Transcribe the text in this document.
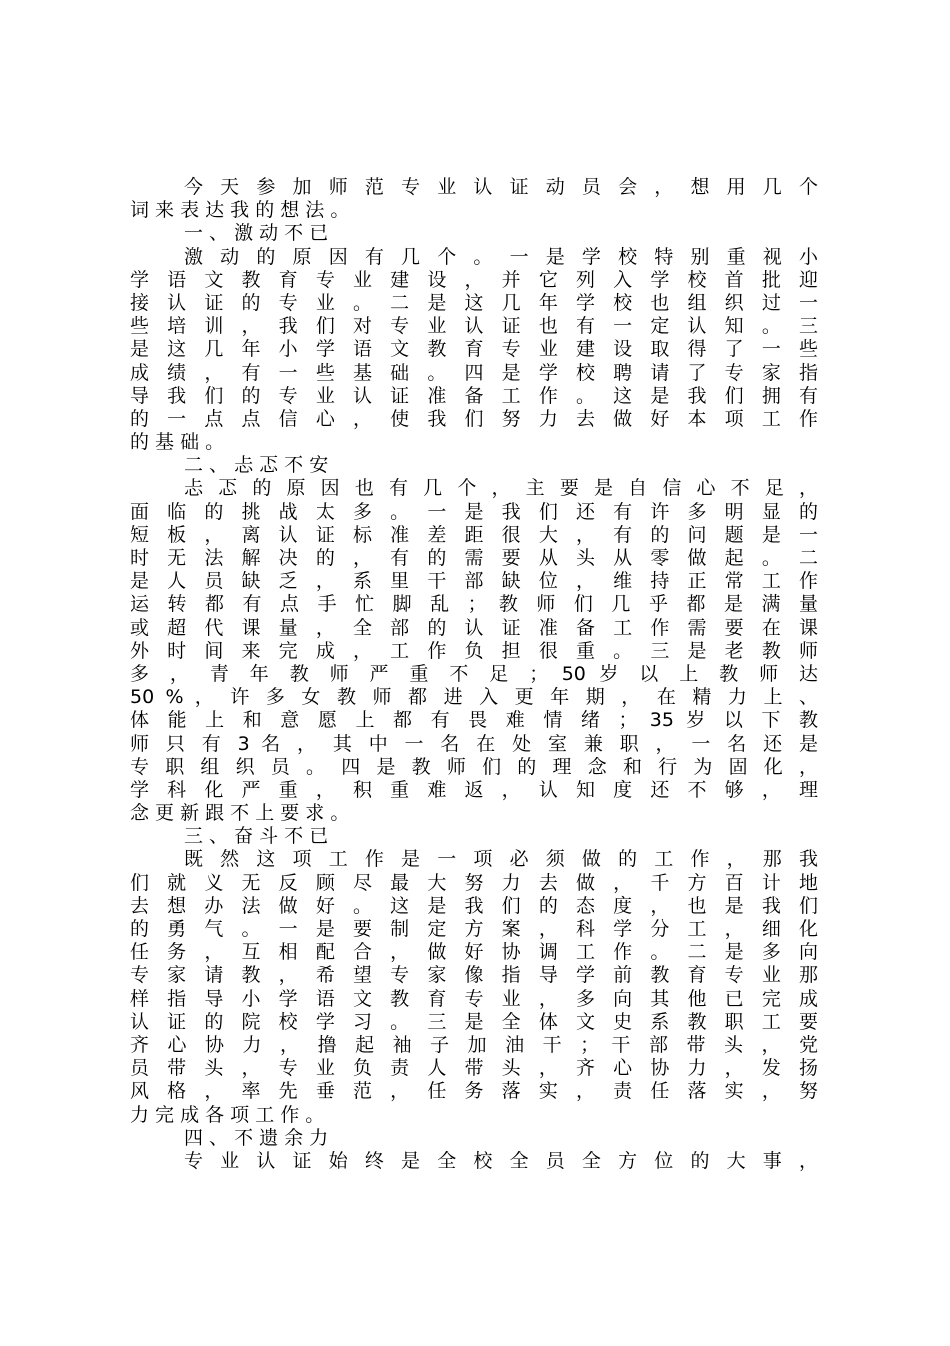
今 天 参 加 师 范 专 业 认 证 动 员 会 ， 想 用 几 个
词 来 表 达 我 的 想 法 。
一 、 激 动 不 已
激 动 的 原 因 有 几 个 。 一 是 学 校 特 别 重 视 小
学 语 文 教 育 专 业 建 设 ， 并 它 列 入 学 校 首 批 迎
接 认 证 的 专 业 。 二 是 这 几 年 学 校 也 组 织 过 一
些 培 训 ， 我 们 对 专 业 认 证 也 有 一 定 认 知 。 三
是 这 几 年 小 学 语 文 教 育 专 业 建 设 取 得 了 一 些
成 绩 ， 有 一 些 基 础 。 四 是 学 校 聘 请 了 专 家 指
导 我 们 的 专 业 认 证 准 备 工 作 。 这 是 我 们 拥 有
的 一 点 点 信 心 ， 使 我 们 努 力 去 做 好 本 项 工 作
的 基 础 。
二 、 忐 忑 不 安
忐 忑 的 原 因 也 有 几 个 ， 主 要 是 自 信 心 不 足 ，
面 临 的 挑 战 太 多 。 一 是 我 们 还 有 许 多 明 显 的
短 板 ， 离 认 证 标 准 差 距 很 大 ， 有 的 问 题 是 一
时 无 法 解 决 的 ， 有 的 需 要 从 头 从 零 做 起 。 二
是 人 员 缺 乏 ， 系 里 干 部 缺 位 ， 维 持 正 常 工 作
运 转 都 有 点 手 忙 脚 乱 ； 教 师 们 几 乎 都 是 满 量
或 超 代 课 量 ， 全 部 的 认 证 准 备 工 作 需 要 在 课
外 时 间 来 完 成 ， 工 作 负 担 很 重 。 三 是 老 教 师
多 ， 青 年 教 师 严 重 不 足 ； 50 岁 以 上 教 师 达
50 % ， 许 多 女 教 师 都 进 入 更 年 期 ， 在 精 力 上 、
体 能 上 和 意 愿 上 都 有 畏 难 情 绪 ； 35 岁 以 下 教
师 只 有 3 名 ， 其 中 一 名 在 处 室 兼 职 ， 一 名 还 是
专 职 组 织 员 。 四 是 教 师 们 的 理 念 和 行 为 固 化 ，
学 科 化 严 重 ， 积 重 难 返 ， 认 知 度 还 不 够 ， 理
念 更 新 跟 不 上 要 求 。
三 、 奋 斗 不 已
既 然 这 项 工 作 是 一 项 必 须 做 的 工 作 ， 那 我
们 就 义 无 反 顾 尽 最 大 努 力 去 做 ， 千 方 百 计 地
去 想 办 法 做 好 。 这 是 我 们 的 态 度 ， 也 是 我 们
的 勇 气 。 一 是 要 制 定 方 案 ， 科 学 分 工 ， 细 化
任 务 ， 互 相 配 合 ， 做 好 协 调 工 作 。 二 是 多 向
专 家 请 教 ， 希 望 专 家 像 指 导 学 前 教 育 专 业 那
样 指 导 小 学 语 文 教 育 专 业 ， 多 向 其 他 已 完 成
认 证 的 院 校 学 习 。 三 是 全 体 文 史 系 教 职 工 要
齐 心 协 力 ， 撸 起 袖 子 加 油 干 ； 干 部 带 头 ， 党
员 带 头 ， 专 业 负 责 人 带 头 ， 齐 心 协 力 ， 发 扬
风 格 ， 率 先 垂 范 ， 任 务 落 实 ， 责 任 落 实 ， 努
力 完 成 各 项 工 作 。
四 、 不 遗 余 力
专 业 认 证 始 终 是 全 校 全 员 全 方 位 的 大 事 ，
